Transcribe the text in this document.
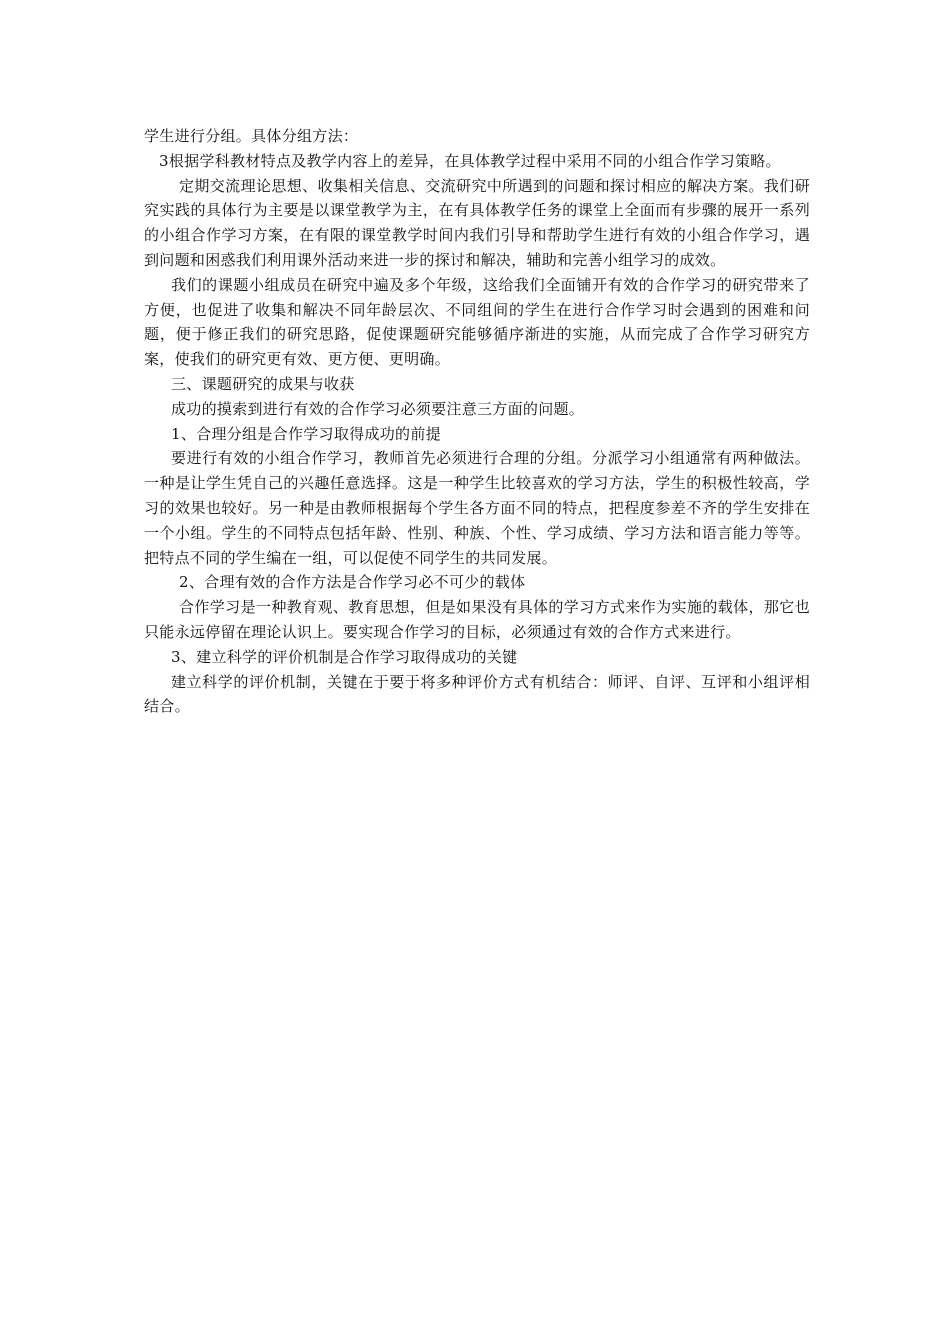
学生进行分组。具体分组方法：

3根据学科教材特点及教学内容上的差异，在具体教学过程中采用不同的小组合作学习策略。

定期交流理论思想、收集相关信息、交流研究中所遇到的问题和探讨相应的解决方案。我们研究实践的具体行为主要是以课堂教学为主，在有具体教学任务的课堂上全面而有步骤的展开一系列的小组合作学习方案，在有限的课堂教学时间内我们引导和帮助学生进行有效的小组合作学习，遇到问题和困惑我们利用课外活动来进一步的探讨和解决，辅助和完善小组学习的成效。

我们的课题小组成员在研究中遍及多个年级，这给我们全面铺开有效的合作学习的研究带来了方便，也促进了收集和解决不同年龄层次、不同组间的学生在进行合作学习时会遇到的困难和问题，便于修正我们的研究思路，促使课题研究能够循序渐进的实施，从而完成了合作学习研究方案，使我们的研究更有效、更方便、更明确。

三、课题研究的成果与收获

成功的摸索到进行有效的合作学习必须要注意三方面的问题。

1、合理分组是合作学习取得成功的前提

要进行有效的小组合作学习，教师首先必须进行合理的分组。分派学习小组通常有两种做法。一种是让学生凭自己的兴趣任意选择。这是一种学生比较喜欢的学习方法，学生的积极性较高，学习的效果也较好。另一种是由教师根据每个学生各方面不同的特点，把程度参差不齐的学生安排在一个小组。学生的不同特点包括年龄、性别、种族、个性、学习成绩、学习方法和语言能力等等。把特点不同的学生编在一组，可以促使不同学生的共同发展。

2、合理有效的合作方法是合作学习必不可少的载体

合作学习是一种教育观、教育思想，但是如果没有具体的学习方式来作为实施的载体，那它也只能永远停留在理论认识上。要实现合作学习的目标，必须通过有效的合作方式来进行。

3、建立科学的评价机制是合作学习取得成功的关键

建立科学的评价机制，关键在于要于将多种评价方式有机结合：师评、自评、互评和小组评相结合。
